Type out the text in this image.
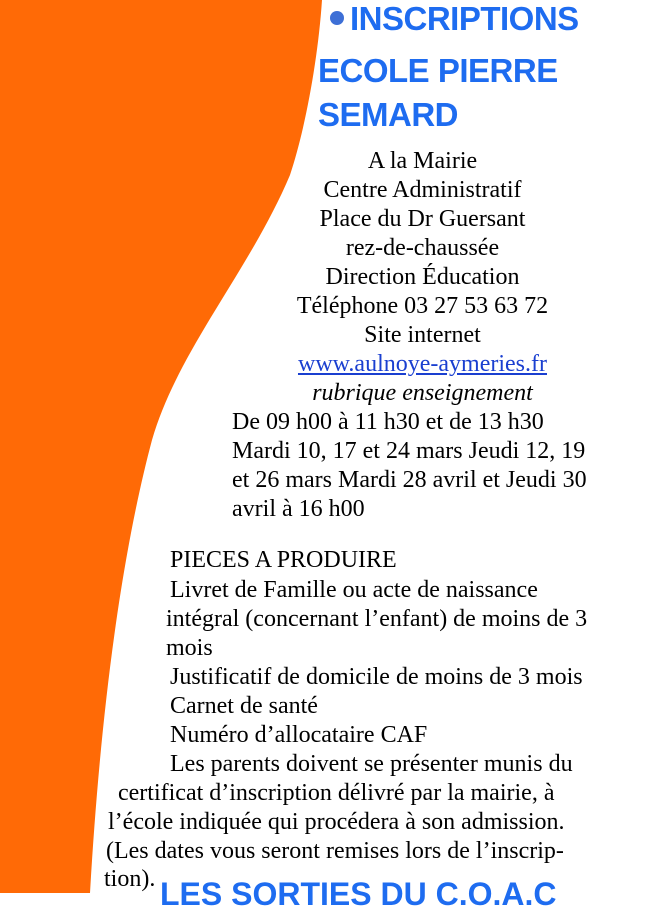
INSCRIPTIONS
ECOLE PIERRE
SEMARD
A la Mairie
Centre Administratif
Place du Dr Guersant
rez-de-chaussée
Direction Éducation
Téléphone 03 27 53 63 72
Site internet
www.aulnoye-aymeries.fr
rubrique enseignement
De 09 h00 à 11 h30 et de 13 h30
Mardi 10, 17 et 24 mars Jeudi 12, 19
et 26 mars Mardi 28 avril et Jeudi 30
avril à 16 h00
PIECES A PRODUIRE
Livret de Famille ou acte de naissance
intégral (concernant l’enfant) de moins de 3
mois
Justificatif de domicile de moins de 3 mois
Carnet de santé
Numéro d’allocataire CAF
Les parents doivent se présenter munis du
certificat d’inscription délivré par la mairie, à
l’école indiquée qui procédera à son admission.
(Les dates vous seront remises lors de l’inscrip-
tion). LES SORTIES DU C.O.A.C
